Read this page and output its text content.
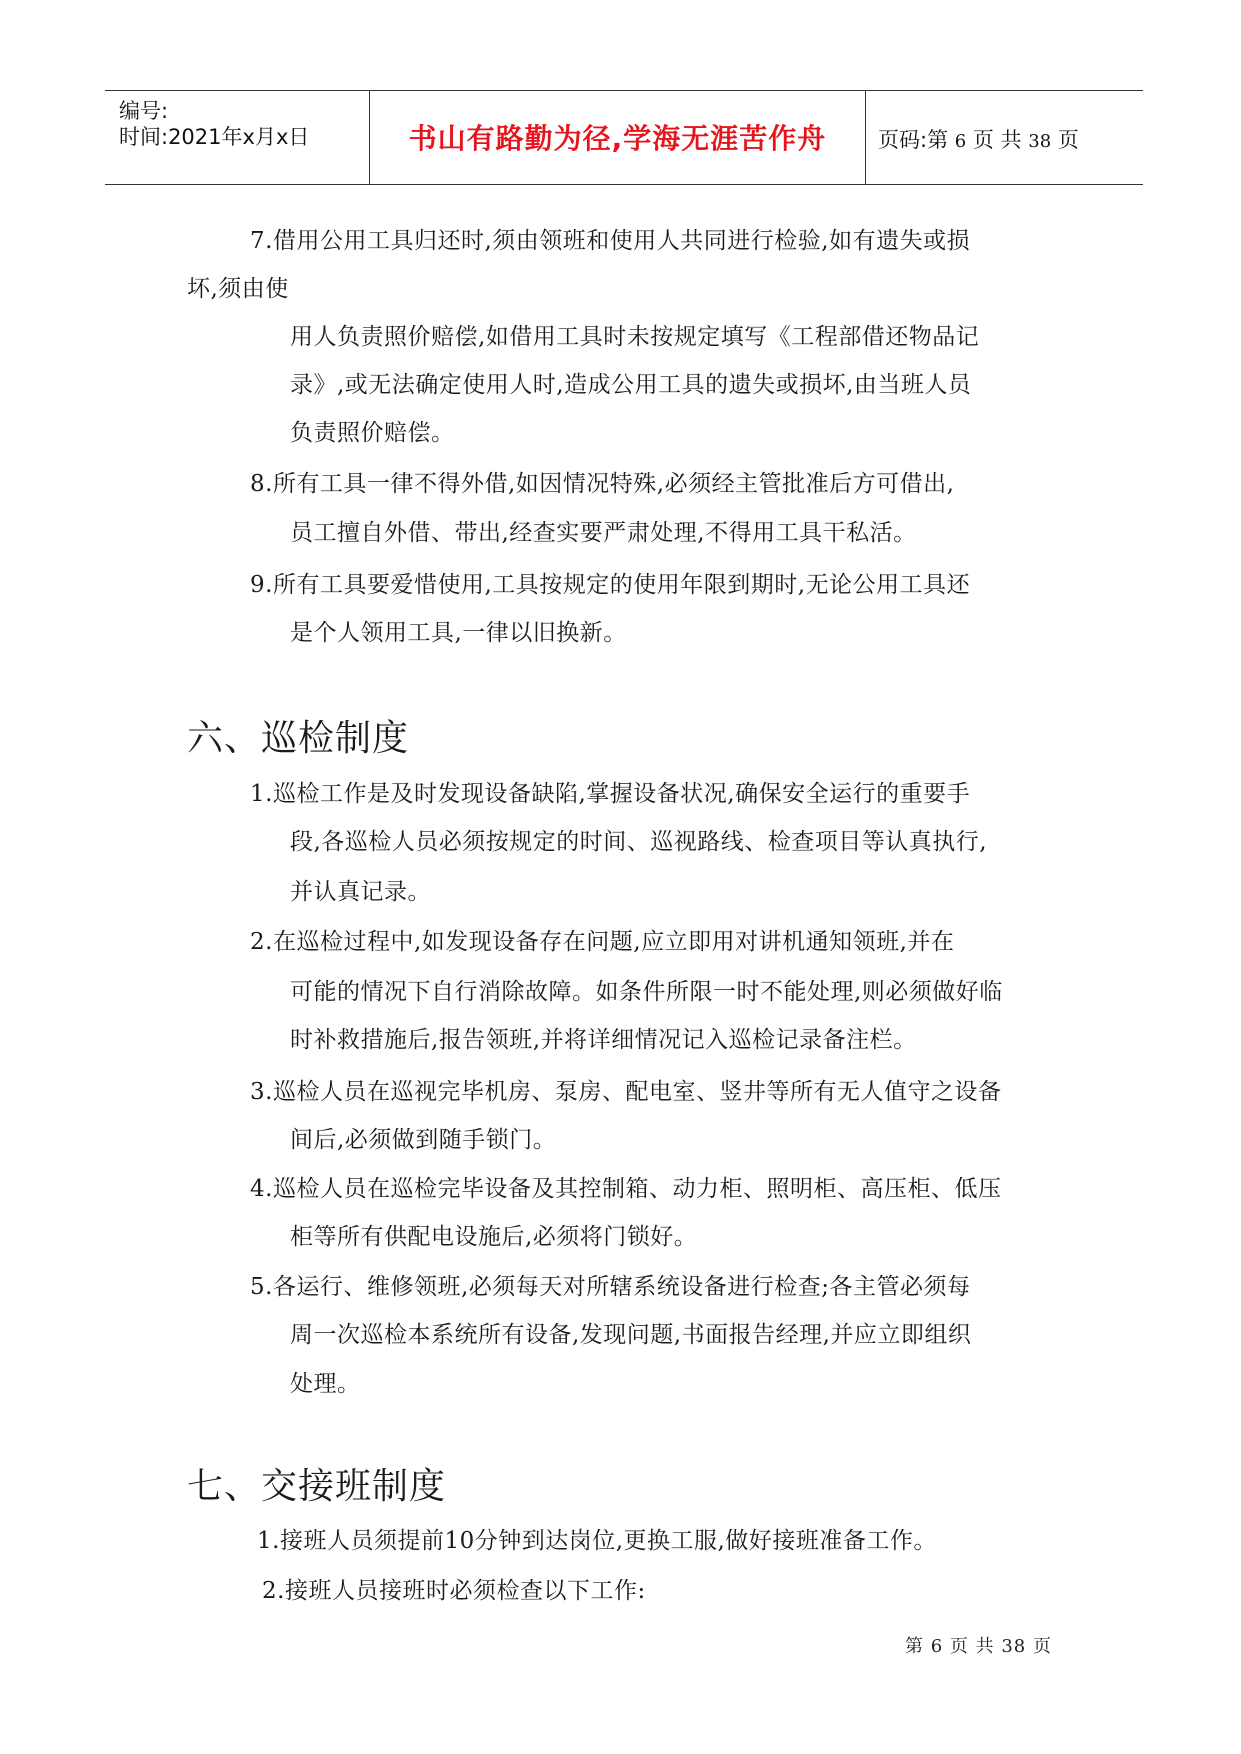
编号:
时间:2021年x月x日	书山有路勤为径,学海无涯苦作舟	页码:第 6 页 共 38 页
7.借用公用工具归还时,须由领班和使用人共同进行检验,如有遗失或损
坏,须由使
用人负责照价赔偿,如借用工具时未按规定填写《工程部借还物品记
录》,或无法确定使用人时,造成公用工具的遗失或损坏,由当班人员
负责照价赔偿。
8.所有工具一律不得外借,如因情况特殊,必须经主管批准后方可借出,
员工擅自外借、带出,经查实要严肃处理,不得用工具干私活。
9.所有工具要爱惜使用,工具按规定的使用年限到期时,无论公用工具还
是个人领用工具,一律以旧换新。
六、巡检制度
1.巡检工作是及时发现设备缺陷,掌握设备状况,确保安全运行的重要手
段,各巡检人员必须按规定的时间、巡视路线、检查项目等认真执行,
并认真记录。
2.在巡检过程中,如发现设备存在问题,应立即用对讲机通知领班,并在
可能的情况下自行消除故障。如条件所限一时不能处理,则必须做好临
时补救措施后,报告领班,并将详细情况记入巡检记录备注栏。
3.巡检人员在巡视完毕机房、泵房、配电室、竖井等所有无人值守之设备
间后,必须做到随手锁门。
4.巡检人员在巡检完毕设备及其控制箱、动力柜、照明柜、高压柜、低压
柜等所有供配电设施后,必须将门锁好。
5.各运行、维修领班,必须每天对所辖系统设备进行检查;各主管必须每
周一次巡检本系统所有设备,发现问题,书面报告经理,并应立即组织
处理。
七、交接班制度
1.接班人员须提前10分钟到达岗位,更换工服,做好接班准备工作。
2.接班人员接班时必须检查以下工作:
第 6 页 共 38 页
